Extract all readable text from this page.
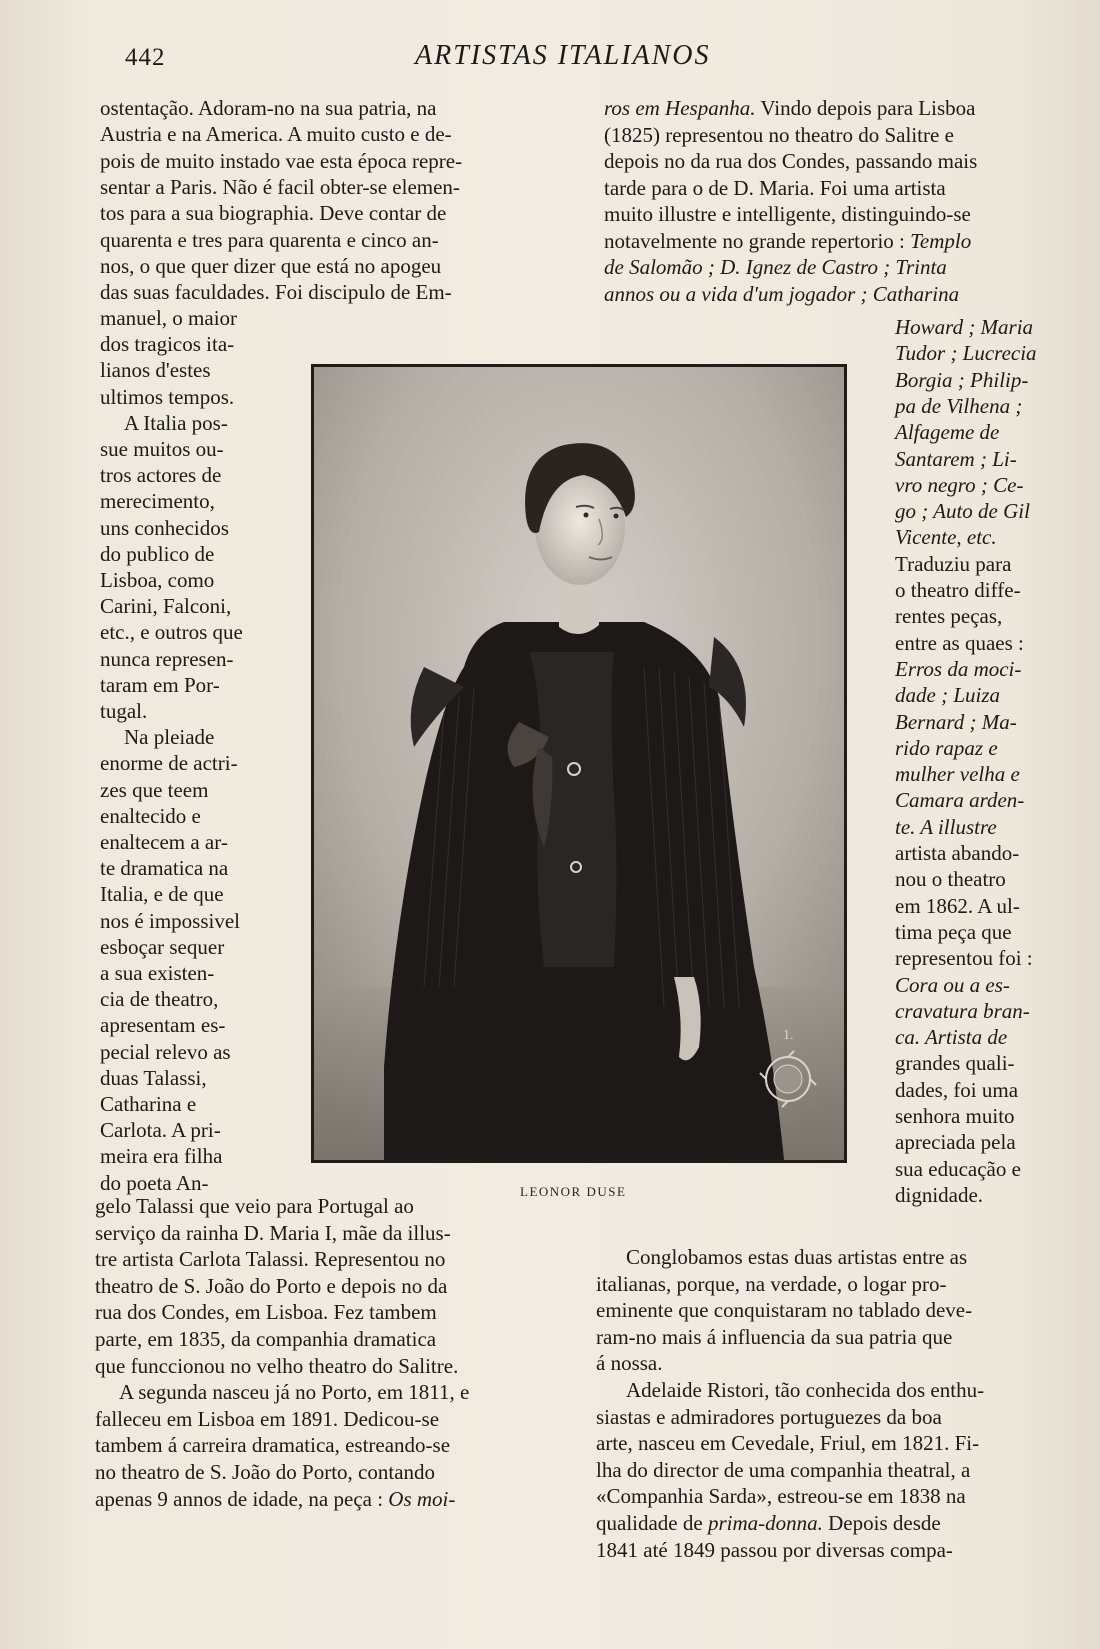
442	ARTISTAS ITALIANOS
ostentação. Adoram-no na sua patria, na
Austria e na America. A muito custo e de-
pois de muito instado vae esta época repre-
sentar a Paris. Não é facil obter-se elemen-
tos para a sua biographia. Deve contar de
quarenta e tres para quarenta e cinco an-
nos, o que quer dizer que está no apogeu
das suas faculdades. Foi discipulo de Em-
manuel, o maior
dos tragicos ita-
lianos d'estes
ultimos tempos.
A Italia pos-
sue muitos ou-
tros actores de
merecimento,
uns conhecidos
do publico de
Lisboa, como
Carini, Falconi,
etc., e outros que
nunca represen-
taram em Por-
tugal.
Na pleiade
enorme de actri-
zes que teem
enaltecido e
enaltecem a ar-
te dramatica na
Italia, e de que
nos é impossivel
esboçar sequer
a sua existen-
cia de theatro,
apresentam es-
pecial relevo as
duas Talassi,
Catharina e
Carlota. A pri-
meira era filha
do poeta An-
gelo Talassi que veio para Portugal ao
serviço da rainha D. Maria I, mãe da illus-
tre artista Carlota Talassi. Representou no
theatro de S. João do Porto e depois no da
rua dos Condes, em Lisboa. Fez tambem
parte, em 1835, da companhia dramatica
que funccionou no velho theatro do Salitre.
A segunda nasceu já no Porto, em 1811, e
falleceu em Lisboa em 1891. Dedicou-se
tambem á carreira dramatica, estreando-se
no theatro de S. João do Porto, contando
apenas 9 annos de idade, na peça : Os moi-
ros em Hespanha. Vindo depois para Lisboa
(1825) representou no theatro do Salitre e
depois no da rua dos Condes, passando mais
tarde para o de D. Maria. Foi uma artista
muito illustre e intelligente, distinguindo-se
notavelmente no grande repertorio : Templo
de Salomão ; D. Ignez de Castro ; Trinta
annos ou a vida d'um jogador ; Catharina
Howard ; Maria
Tudor ; Lucrecia
Borgia ; Philip-
pa de Vilhena ;
Alfageme de
Santarem ; Li-
vro negro ; Ce-
go ; Auto de Gil
Vicente, etc.
Traduziu para
o theatro diffe-
rentes peças,
entre as quaes :
Erros da moci-
dade ; Luiza
Bernard ; Ma-
rido rapaz e
mulher velha e
Camara arden-
te. A illustre
artista abando-
nou o theatro
em 1862. A ul-
tima peça que
representou foi :
Cora ou a es-
cravatura bran-
ca. Artista de
grandes quali-
dades, foi uma
senhora muito
apreciada pela
sua educação e
dignidade.
Conglobamos estas duas artistas entre as
italianas, porque, na verdade, o logar pro-
eminente que conquistaram no tablado deve-
ram-no mais á influencia da sua patria que
á nossa.
Adelaide Ristori, tão conhecida dos enthu-
siastas e admiradores portuguezes da boa
arte, nasceu em Cevedale, Friul, em 1821. Fi-
lha do director de uma companhia theatral, a
«Companhia Sarda», estreou-se em 1838 na
qualidade de prima-donna. Depois desde
1841 até 1849 passou por diversas compa-
1.
LEONOR DUSE
